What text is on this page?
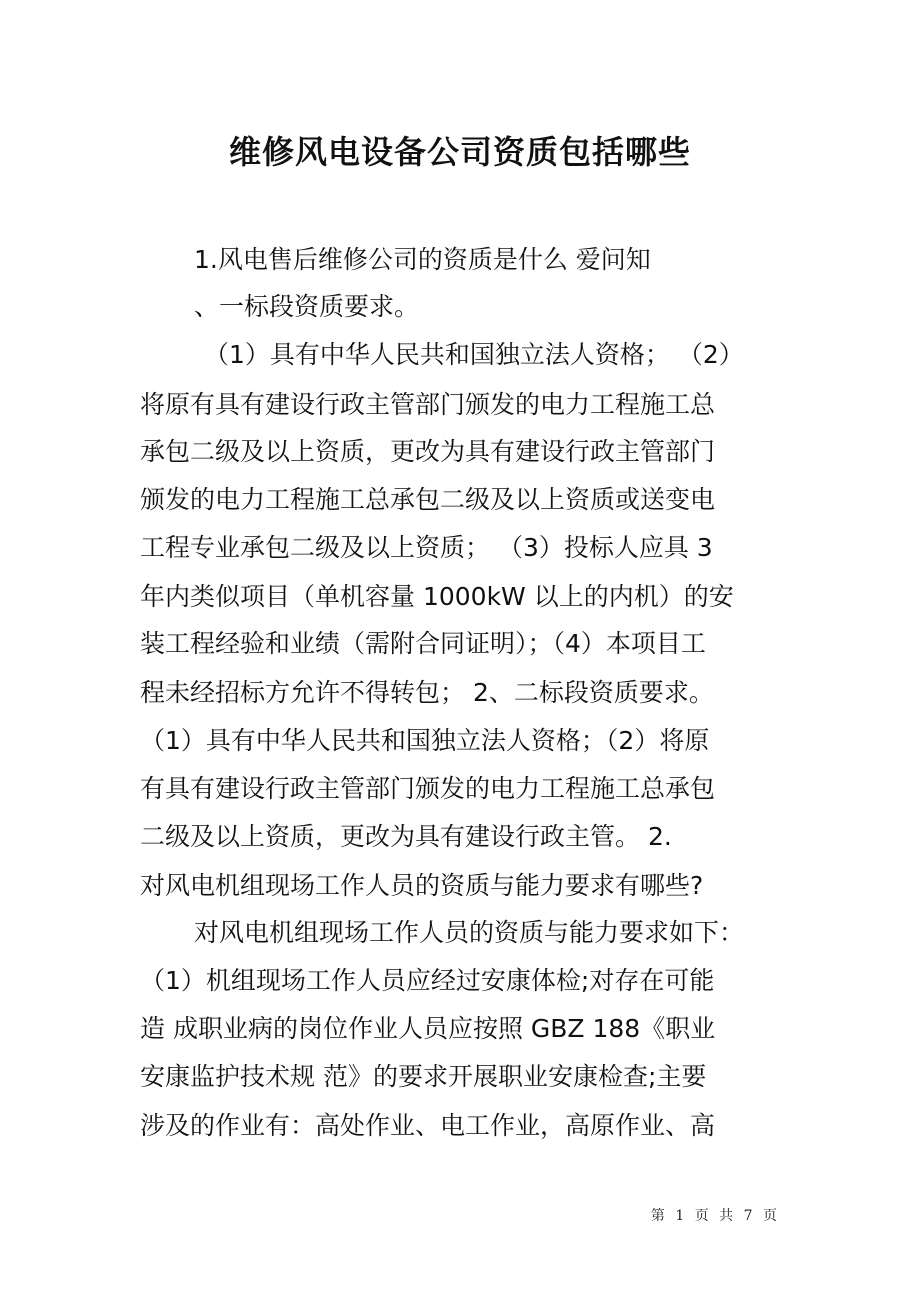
维修风电设备公司资质包括哪些

1.风电售后维修公司的资质是什么 爱问知

、一标段资质要求。

（1）具有中华人民共和国独立法人资格； （2）

将原有具有建设行政主管部门颁发的电力工程施工总

承包二级及以上资质，更改为具有建设行政主管部门

颁发的电力工程施工总承包二级及以上资质或送变电

工程专业承包二级及以上资质； （3）投标人应具 3

年内类似项目（单机容量 1000kW 以上的内机）的安

装工程经验和业绩（需附合同证明）；（4）本项目工

程未经招标方允许不得转包； 2、二标段资质要求。

（1）具有中华人民共和国独立法人资格；（2）将原

有具有建设行政主管部门颁发的电力工程施工总承包

二级及以上资质，更改为具有建设行政主管。 2.

对风电机组现场工作人员的资质与能力要求有哪些?

对风电机组现场工作人员的资质与能力要求如下：

（1）机组现场工作人员应经过安康体检;对存在可能

造 成职业病的岗位作业人员应按照 GBZ 188《职业

安康监护技术规 范》的要求开展职业安康检查;主要

涉及的作业有：高处作业、电工作业，高原作业、高

第 1 页 共 7 页
